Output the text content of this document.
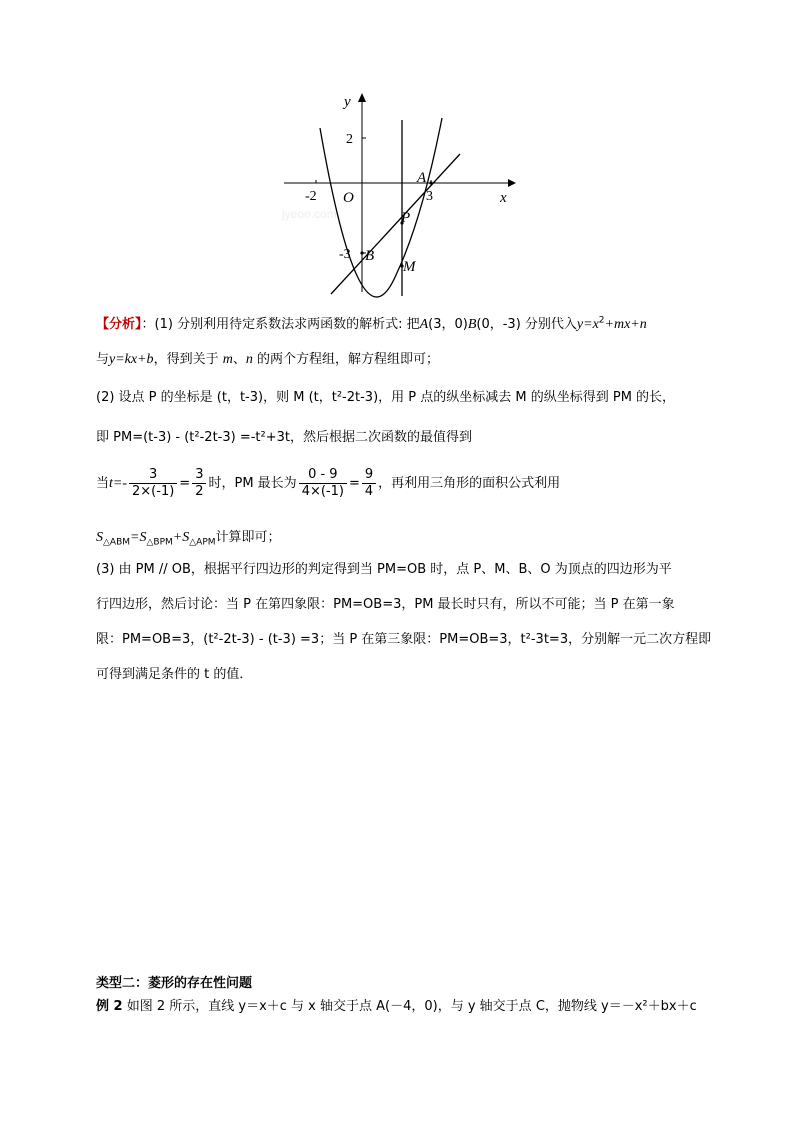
y
x
-2	3
2
-3
O
A
B
P
M
jyeoo.com
【分析】：(1) 分别利用待定系数法求两函数的解析式: 把A(3，0)B(0，-3) 分别代入$y=x^2+mx+n$
与y=kx+b，得到关于 m、n 的两个方程组，解方程组即可；
(2) 设点 P 的坐标是 (t，t-3)，则 M (t，t²-2t-3)，用 P 点的纵坐标减去 M 的纵坐标得到 PM 的长，
即 PM=(t-3) - (t²-2t-3) =-t²+3t，然后根据二次函数的最值得到
当$t=- \frac{3}{2\times(-1)} = \frac{3}{2}$ 时，PM 最长为 $\frac{0 - 9}{4\times(-1)} = \frac{9}{4}$ ，再利用三角形的面积公式利用
$S_{\triangle ABM}=S_{\triangle BPM}+S_{\triangle APM}$计算即可；
(3) 由 PM // OB，根据平行四边形的判定得到当 PM=OB 时，点 P、M、B、O 为顶点的四边形为平
行四边形，然后讨论：当 P 在第四象限：PM=OB=3，PM 最长时只有，所以不可能；当 P 在第一象
限：PM=OB=3，(t²-2t-3) - (t-3) =3；当 P 在第三象限：PM=OB=3，t²-3t=3，分别解一元二次方程即
可得到满足条件的 t 的值．
类型二：菱形的存在性问题
例 2 如图 2 所示，直线 y＝x＋c 与 x 轴交于点 A(－4，0)，与 y 轴交于点 C，抛物线 y＝－x²＋bx＋c
